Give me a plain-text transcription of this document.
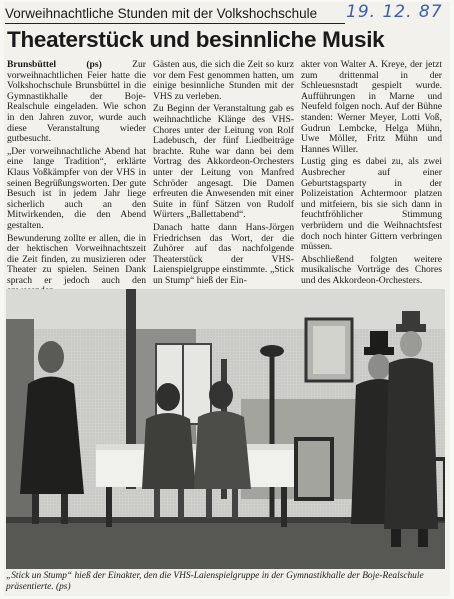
Vorweihnachtliche Stunden mit der Volkshochschule	19. 12. 87
Theaterstück und besinnliche Musik

Brunsbüttel (ps)	Zur vorweihnachtlichen Feier hatte die Volkshochschule Brunsbüttel in die Gymnastikhalle der Boje-Realschule eingeladen. Wie schon in den Jahren zuvor, wurde auch diese Veranstaltung wieder gutbesucht.

„Der vorweihnachtliche Abend hat eine lange Tradition“, erklärte Klaus Voßkämpfer von der VHS in seinen Begrüßungsworten. Der gute Besuch ist in jedem Jahr liege sicherlich auch an den Mitwirkenden, die den Abend gestalten.

Bewunderung zollte er allen, die in der hektischen Vorweihnachtszeit die Zeit finden, zu musizieren oder Theater zu spielen. Seinen Dank sprach er jedoch auch den

Gästen aus, die sich die Zeit so kurz vor dem Fest genommen hatten, um einige besinnliche Stunden mit der VHS zu verleben.

Zu Beginn der Veranstaltung gab es weihnachtliche Klänge des VHS-Chores unter der Leitung von Rolf Ladebusch, der fünf Liedbeiträge brachte. Ruhe war dann bei dem Vortrag des Akkordeon-Orchesters unter der Leitung von Manfred Schröder angesagt. Die Damen erfreuten die Anwesenden mit einer Suite in fünf Sätzen von Rudolf Würters „Ballettabend“.

Danach hatte dann Hans-Jörgen Friedrichsen das Wort, der die Zuhörer auf das nachfolgende Theaterstück der VHS-Laienspielgruppe einstimmte. „Stick un Stump“ hieß der Ein-

akter von Walter A. Kreye, der jetzt zum drittenmal in der Schleuesnstadt gespielt wurde. Aufführungen in Marne und Neufeld folgen noch. Auf der Bühne standen: Werner Meyer, Lotti Voß, Gudrun Lembcke, Helga Mühn, Uwe Möller, Fritz Mühn und Hannes Willer.

Lustig ging es dabei zu, als zwei Ausbrecher auf einer Geburtstagsparty in der Polizeistation Achtermoor platzen und mitfeiern, bis sie sich dann in feuchtfröhlicher Stimmung verbrüdern und die Weihnachtsfest doch noch hinter Gittern verbringen müssen.

Abschließend folgten weitere musikalische Vorträge des Chores und des Akkordeon-Orchesters.

„Stick un Stump“ hieß der Einakter, den die VHS-Laienspielgruppe in der Gymnastikhalle der Boje-Realschule präsentierte. (ps)
